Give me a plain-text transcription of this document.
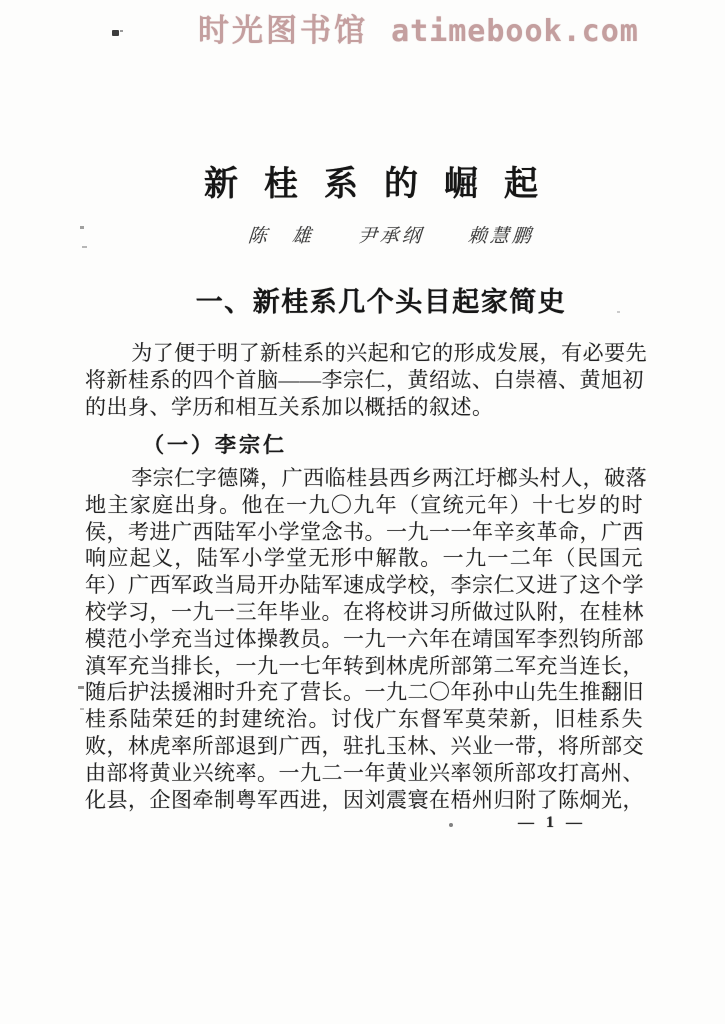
时光图书馆 atimebook.com
新桂系的崛起
陈　雄　　尹承纲　　赖慧鹏
一、新桂系几个头目起家简史
为了便于明了新桂系的兴起和它的形成发展，有必要先
将新桂系的四个首脑——李宗仁，黄绍竑、白崇禧、黄旭初
的出身、学历和相互关系加以概括的叙述。
（一）李宗仁
李宗仁字德隣，广西临桂县西乡两江圩榔头村人，破落
地主家庭出身。他在一九〇九年（宣统元年）十七岁的时
侯，考进广西陆军小学堂念书。一九一一年辛亥革命，广西
响应起义，陆军小学堂无形中解散。一九一二年（民国元
年）广西军政当局开办陆军速成学校，李宗仁又进了这个学
校学习，一九一三年毕业。在将校讲习所做过队附，在桂林
模范小学充当过体操教员。一九一六年在靖国军李烈钧所部
滇军充当排长，一九一七年转到林虎所部第二军充当连长，
随后护法援湘时升充了营长。一九二〇年孙中山先生推翻旧
桂系陆荣廷的封建统治。讨伐广东督军莫荣新，旧桂系失
败，林虎率所部退到广西，驻扎玉林、兴业一带，将所部交
由部将黄业兴统率。一九二一年黄业兴率领所部攻打高州、
化县，企图牵制粤军西进，因刘震寰在梧州归附了陈炯光，
— 1 —
